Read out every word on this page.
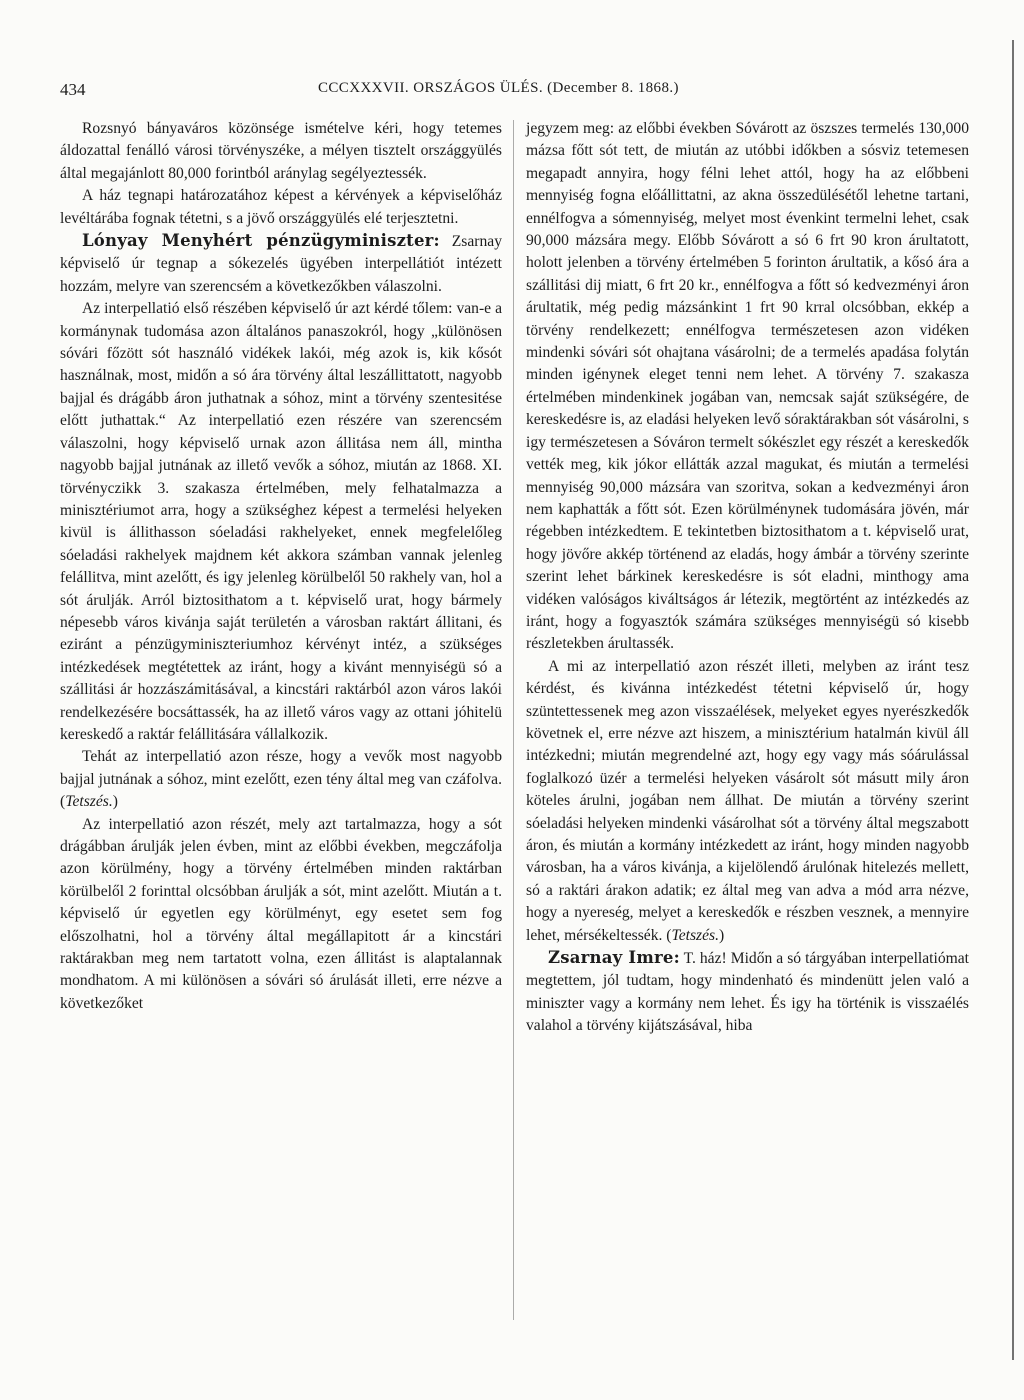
434	CCCXXXVII. ORSZÁGOS ÜLÉS. (December 8. 1868.)

Rozsnyó bányaváros közönsége ismételve kéri, hogy tetemes áldozattal fenálló városi törvényszéke, a mélyen tisztelt országgyülés által megajánlott 80,000 forintból aránylag segélyeztessék.

A ház tegnapi határozatához képest a kérvények a képviselőház levéltárába fognak tétetni, s a jövő országgyülés elé terjesztetni.

Lónyay Menyhért pénzügyminiszter: Zsarnay képviselő úr tegnap a sókezelés ügyében interpellátiót intézett hozzám, melyre van szerencsém a következőkben válaszolni.

Az interpellatió első részében képviselő úr azt kérdé tőlem: van-e a kormánynak tudomása azon általános panaszokról, hogy „különösen sóvári főzött sót használó vidékek lakói, még azok is, kik kősót használnak, most, midőn a só ára törvény által leszállittatott, nagyobb bajjal és drágább áron juthatnak a sóhoz, mint a törvény szentesitése előtt juthattak.“ Az interpellatió ezen részére van szerencsém válaszolni, hogy képviselő urnak azon állitása nem áll, mintha nagyobb bajjal jutnának az illető vevők a sóhoz, miután az 1868. XI. törvényczikk 3. szakasza értelmében, mely felhatalmazza a minisztériumot arra, hogy a szükséghez képest a termelési helyeken kivül is állithasson sóeladási rakhelyeket, ennek megfelelőleg sóeladási rakhelyek majdnem két akkora számban vannak jelenleg felállitva, mint azelőtt, és igy jelenleg körülbelől 50 rakhely van, hol a sót árulják. Arról biztosithatom a t. képviselő urat, hogy bármely népesebb város kivánja saját területén a városban raktárt állitani, és eziránt a pénzügyminiszteriumhoz kérvényt intéz, a szükséges intézkedések megtétettek az iránt, hogy a kivánt mennyiségü só a szállitási ár hozzászámitásával, a kincstári raktárból azon város lakói rendelkezésére bocsáttassék, ha az illető város vagy az ottani jóhitelü kereskedő a raktár felállitására vállalkozik.

Tehát az interpellatió azon része, hogy a vevők most nagyobb bajjal jutnának a sóhoz, mint ezelőtt, ezen tény által meg van czáfolva. (Tetszés.)

Az interpellatió azon részét, mely azt tartalmazza, hogy a sót drágábban árulják jelen évben, mint az előbbi években, megczáfolja azon körülmény, hogy a törvény értelmében minden raktárban körülbelől 2 forinttal olcsóbban árulják a sót, mint azelőtt. Miután a t. képviselő úr egyetlen egy körülményt, egy esetet sem fog előszolhatni, hol a törvény által megállapitott ár a kincstári raktárakban meg nem tartatott volna, ezen állitást is alaptalannak mondhatom. A mi különösen a sóvári só árulását illeti, erre nézve a következőket

jegyzem meg: az előbbi években Sóvárott az öszszes termelés 130,000 mázsa főtt sót tett, de miután az utóbbi időkben a sósviz tetemesen megapadt annyira, hogy félni lehet attól, hogy ha az előbbeni mennyiség fogna előállittatni, az akna összedülésétől lehetne tartani, ennélfogva a sómennyiség, melyet most évenkint termelni lehet, csak 90,000 mázsára megy. Előbb Sóvárott a só 6 frt 90 kron árultatott, holott jelenben a törvény értelmében 5 forinton árultatik, a kősó ára a szállitási dij miatt, 6 frt 20 kr., ennélfogva a főtt só kedvezményi áron árultatik, még pedig mázsánkint 1 frt 90 krral olcsóbban, ekkép a törvény rendelkezett; ennélfogva természetesen azon vidéken mindenki sóvári sót ohajtana vásárolni; de a termelés apadása folytán minden igénynek eleget tenni nem lehet. A törvény 7. szakasza értelmében mindenkinek jogában van, nemcsak saját szükségére, de kereskedésre is, az eladási helyeken levő sóraktárakban sót vásárolni, s igy természetesen a Sóváron termelt sókészlet egy részét a kereskedők vették meg, kik jókor ellátták azzal magukat, és miután a termelési mennyiség 90,000 mázsára van szoritva, sokan a kedvezményi áron nem kaphatták a főtt sót. Ezen körülménynek tudomására jövén, már régebben intézkedtem. E tekintetben biztosithatom a t. képviselő urat, hogy jövőre akkép történend az eladás, hogy ámbár a törvény szerinte szerint lehet bárkinek kereskedésre is sót eladni, minthogy ama vidéken valóságos kiváltságos ár létezik, megtörtént az intézkedés az iránt, hogy a fogyasztók számára szükséges mennyiségü só kisebb részletekben árultassék.

A mi az interpellatió azon részét illeti, melyben az iránt tesz kérdést, és kivánna intézkedést tétetni képviselő úr, hogy szüntettessenek meg azon visszaélések, melyeket egyes nyerészkedők követnek el, erre nézve azt hiszem, a minisztérium hatalmán kivül áll intézkedni; miután megrendelné azt, hogy egy vagy más sóárulással foglalkozó üzér a termelési helyeken vásárolt sót másutt mily áron köteles árulni, jogában nem állhat. De miután a törvény szerint sóeladási helyeken mindenki vásárolhat sót a törvény által megszabott áron, és miután a kormány intézkedett az iránt, hogy minden nagyobb városban, ha a város kivánja, a kijelölendő árulónak hitelezés mellett, só a raktári árakon adatik; ez által meg van adva a mód arra nézve, hogy a nyereség, melyet a kereskedők e részben vesznek, a mennyire lehet, mérsékeltessék. (Tetszés.)

Zsarnay Imre: T. ház! Midőn a só tárgyában interpellatiómat megtettem, jól tudtam, hogy mindenható és mindenütt jelen való a miniszter vagy a kormány nem lehet. És igy ha történik is visszaélés valahol a törvény kijátszásával, hiba
